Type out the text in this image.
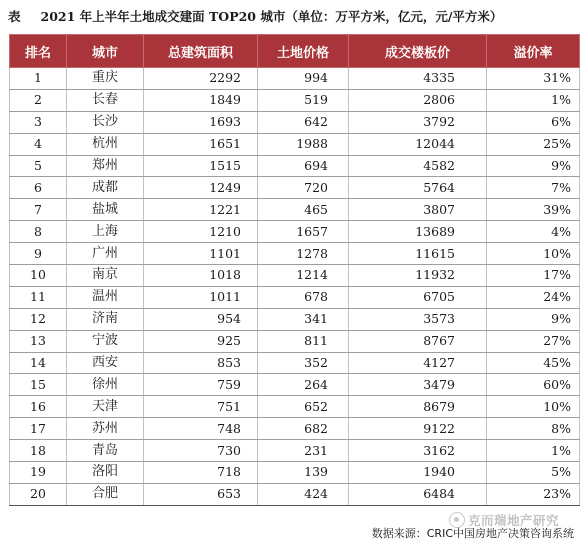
表 2021 年上半年土地成交建面 TOP20 城市（单位：万平方米，亿元，元/平方米）
排名	城市	总建筑面积	土地价格	成交楼板价	溢价率
1	重庆	2292	994	4335	31%
2	长春	1849	519	2806	1%
3	长沙	1693	642	3792	6%
4	杭州	1651	1988	12044	25%
5	郑州	1515	694	4582	9%
6	成都	1249	720	5764	7%
7	盐城	1221	465	3807	39%
8	上海	1210	1657	13689	4%
9	广州	1101	1278	11615	10%
10	南京	1018	1214	11932	17%
11	温州	1011	678	6705	24%
12	济南	954	341	3573	9%
13	宁波	925	811	8767	27%
14	西安	853	352	4127	45%
15	徐州	759	264	3479	60%
16	天津	751	652	8679	10%
17	苏州	748	682	9122	8%
18	青岛	730	231	3162	1%
19	洛阳	718	139	1940	5%
20	合肥	653	424	6484	23%
克而瑞地产研究
数据来源：CRIC中国房地产决策咨询系统
